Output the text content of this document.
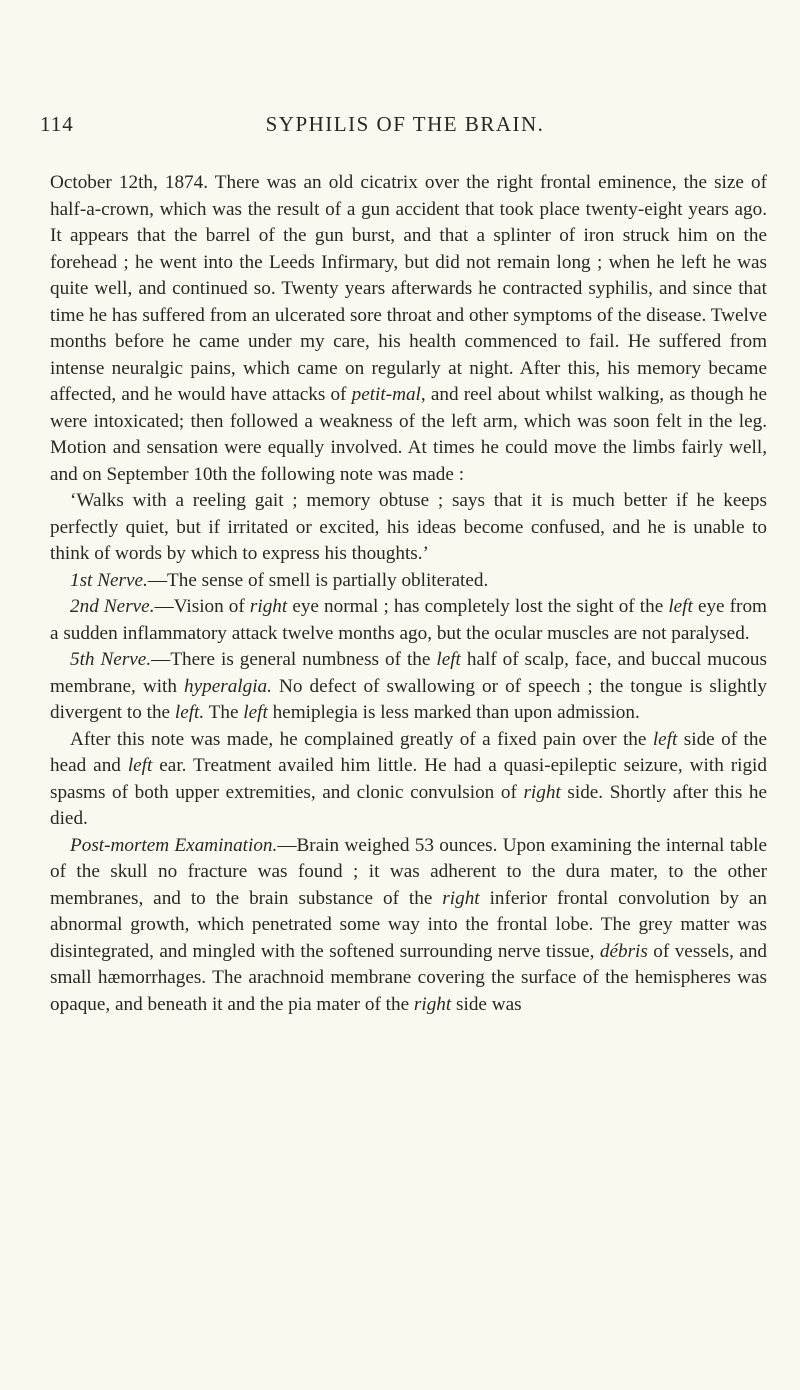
114	SYPHILIS OF THE BRAIN.

October 12th, 1874. There was an old cicatrix over the right frontal eminence, the size of half-a-crown, which was the result of a gun accident that took place twenty-eight years ago. It appears that the barrel of the gun burst, and that a splinter of iron struck him on the forehead ; he went into the Leeds Infirmary, but did not remain long ; when he left he was quite well, and continued so. Twenty years afterwards he contracted syphilis, and since that time he has suffered from an ulcerated sore throat and other symptoms of the disease. Twelve months before he came under my care, his health commenced to fail. He suffered from intense neuralgic pains, which came on regularly at night. After this, his memory became affected, and he would have attacks of petit-mal, and reel about whilst walking, as though he were intoxicated; then followed a weakness of the left arm, which was soon felt in the leg. Motion and sensation were equally involved. At times he could move the limbs fairly well, and on September 10th the following note was made :

‘Walks with a reeling gait ; memory obtuse ; says that it is much better if he keeps perfectly quiet, but if irritated or excited, his ideas become confused, and he is unable to think of words by which to express his thoughts.’

1st Nerve.—The sense of smell is partially obliterated.

2nd Nerve.—Vision of right eye normal ; has completely lost the sight of the left eye from a sudden inflammatory attack twelve months ago, but the ocular muscles are not paralysed.

5th Nerve.—There is general numbness of the left half of scalp, face, and buccal mucous membrane, with hyperalgia. No defect of swallowing or of speech ; the tongue is slightly divergent to the left. The left hemiplegia is less marked than upon admission.

After this note was made, he complained greatly of a fixed pain over the left side of the head and left ear. Treatment availed him little. He had a quasi-epileptic seizure, with rigid spasms of both upper extremities, and clonic convulsion of right side. Shortly after this he died.

Post-mortem Examination.—Brain weighed 53 ounces. Upon examining the internal table of the skull no fracture was found ; it was adherent to the dura mater, to the other membranes, and to the brain substance of the right inferior frontal convolution by an abnormal growth, which penetrated some way into the frontal lobe. The grey matter was disintegrated, and mingled with the softened surrounding nerve tissue, débris of vessels, and small hæmorrhages. The arachnoid membrane covering the surface of the hemispheres was opaque, and beneath it and the pia mater of the right side was
